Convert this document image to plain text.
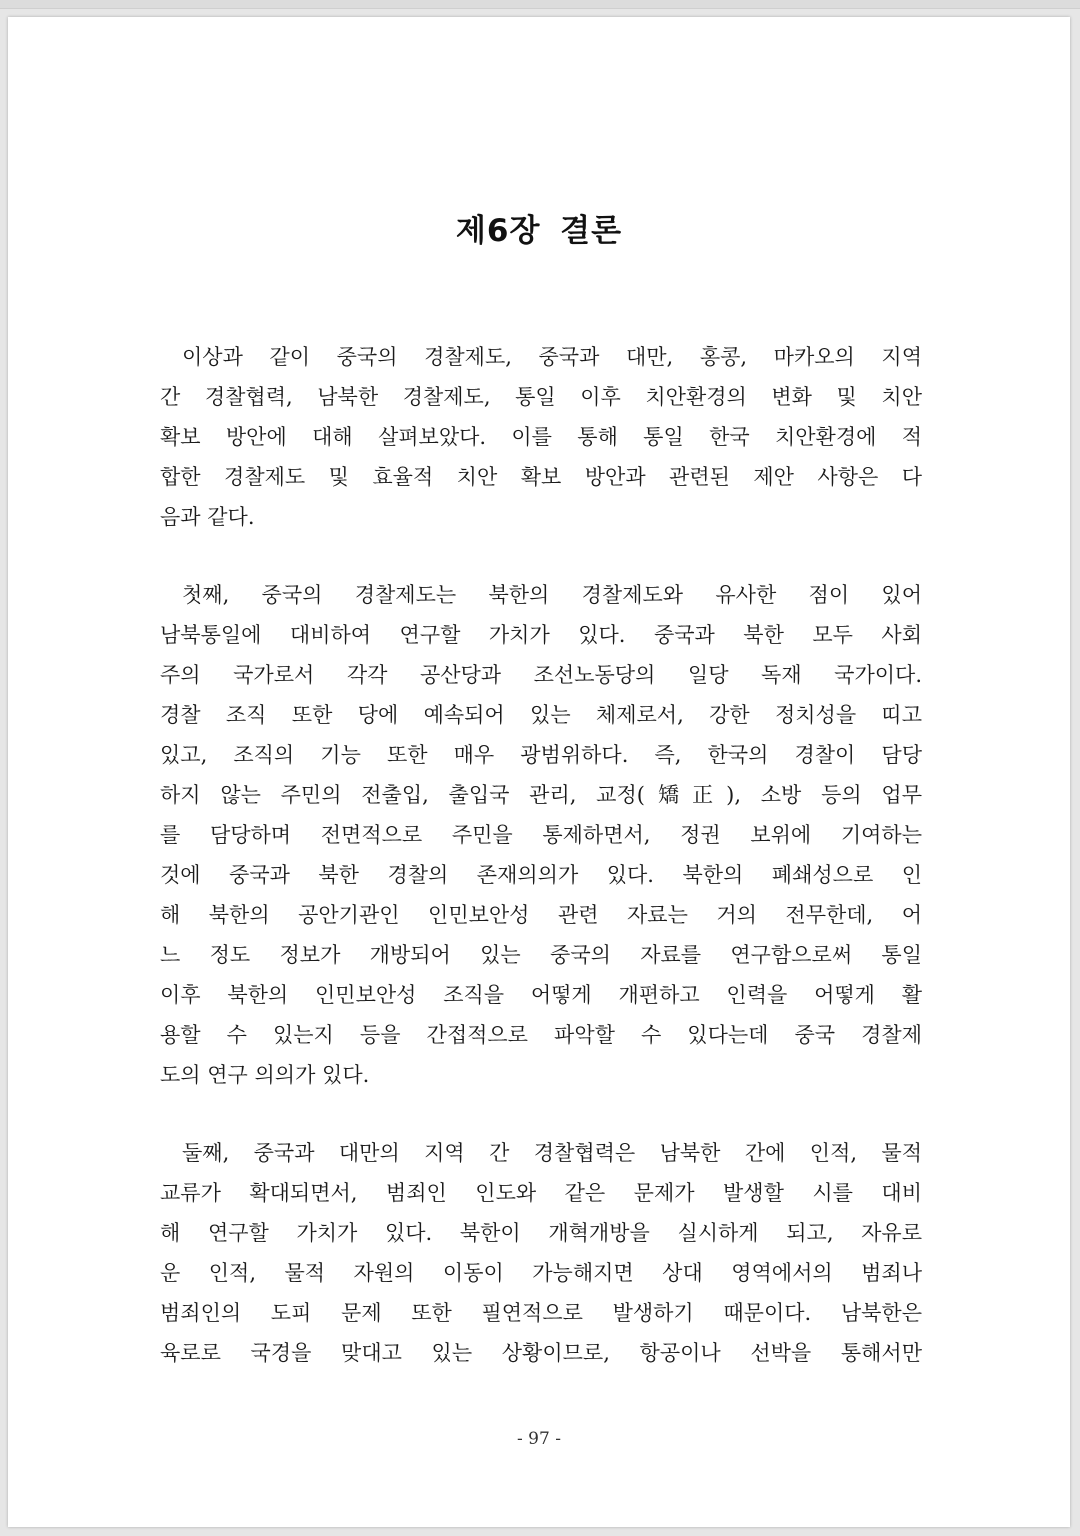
제6장 결론
이상과 같이 중국의 경찰제도, 중국과 대만, 홍콩, 마카오의 지역
간 경찰협력, 남북한 경찰제도, 통일 이후 치안환경의 변화 및 치안
확보 방안에 대해 살펴보았다. 이를 통해 통일 한국 치안환경에 적
합한 경찰제도 및 효율적 치안 확보 방안과 관련된 제안 사항은 다
음과 같다.
첫째, 중국의 경찰제도는 북한의 경찰제도와 유사한 점이 있어
남북통일에 대비하여 연구할 가치가 있다. 중국과 북한 모두 사회
주의 국가로서 각각 공산당과 조선노동당의 일당 독재 국가이다.
경찰 조직 또한 당에 예속되어 있는 체제로서, 강한 정치성을 띠고
있고, 조직의 기능 또한 매우 광범위하다. 즉, 한국의 경찰이 담당
하지 않는 주민의 전출입, 출입국 관리, 교정(矯正), 소방 등의 업무
를 담당하며 전면적으로 주민을 통제하면서, 정권 보위에 기여하는
것에 중국과 북한 경찰의 존재의의가 있다. 북한의 폐쇄성으로 인
해 북한의 공안기관인 인민보안성 관련 자료는 거의 전무한데, 어
느 정도 정보가 개방되어 있는 중국의 자료를 연구함으로써 통일
이후 북한의 인민보안성 조직을 어떻게 개편하고 인력을 어떻게 활
용할 수 있는지 등을 간접적으로 파악할 수 있다는데 중국 경찰제
도의 연구 의의가 있다.
둘째, 중국과 대만의 지역 간 경찰협력은 남북한 간에 인적, 물적
교류가 확대되면서, 범죄인 인도와 같은 문제가 발생할 시를 대비
해 연구할 가치가 있다. 북한이 개혁개방을 실시하게 되고, 자유로
운 인적, 물적 자원의 이동이 가능해지면 상대 영역에서의 범죄나
범죄인의 도피 문제 또한 필연적으로 발생하기 때문이다. 남북한은
육로로 국경을 맞대고 있는 상황이므로, 항공이나 선박을 통해서만
- 97 -
